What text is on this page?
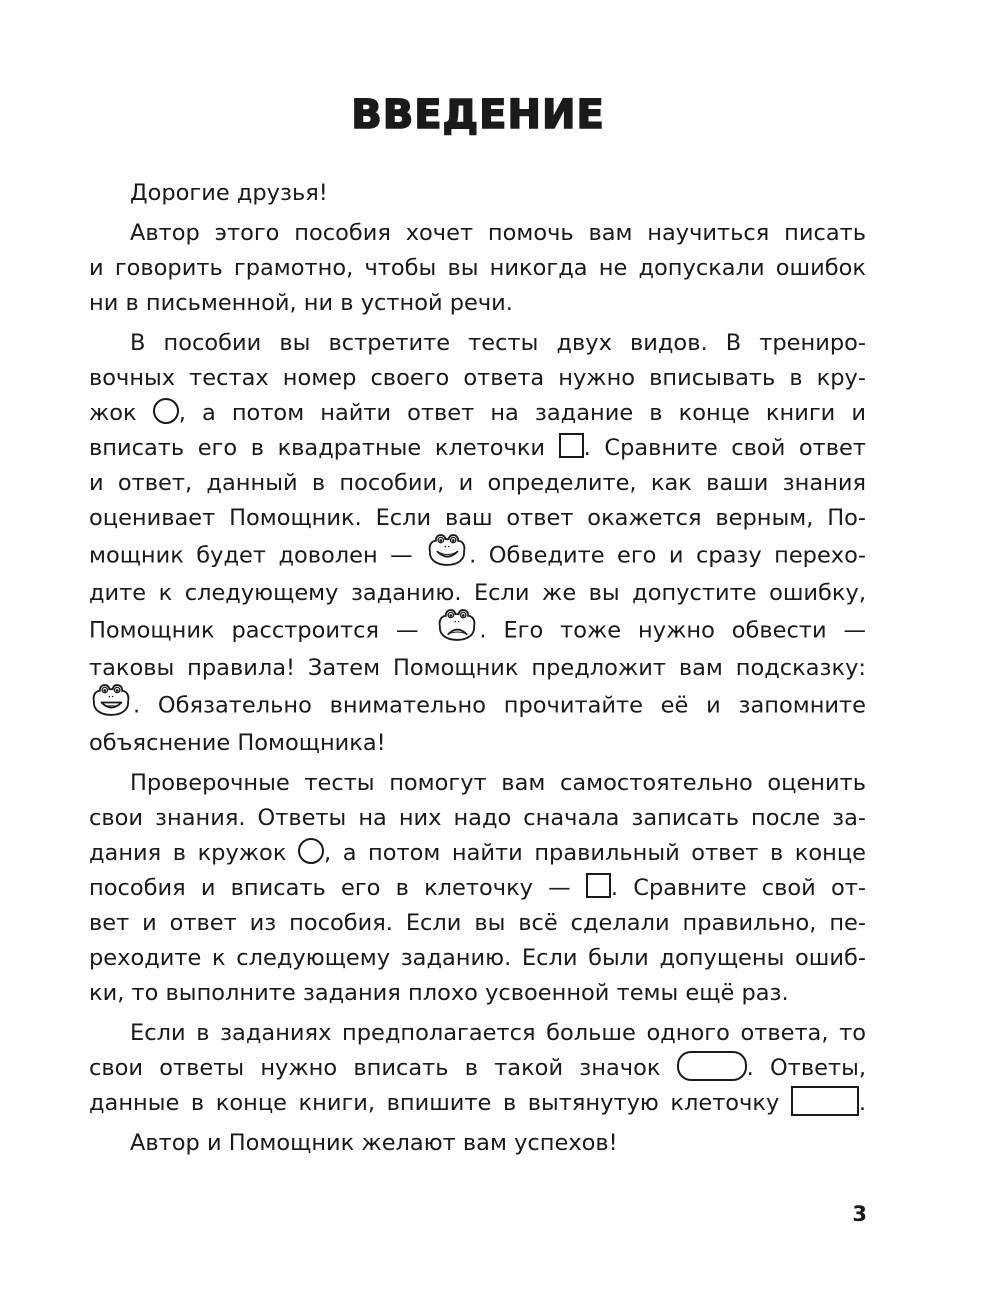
ВВЕДЕНИЕ

Дорогие друзья!

Автор этого пособия хочет помочь вам научиться писать
и говорить грамотно, чтобы вы никогда не допускали ошибок
ни в письменной, ни в устной речи.

В пособии вы встретите тесты двух видов. В трениро-
вочных тестах номер своего ответа нужно вписывать в кру-
жок , а потом найти ответ на задание в конце книги и
вписать его в квадратные клеточки . Сравните свой ответ
и ответ, данный в пособии, и определите, как ваши знания
оценивает Помощник. Если ваш ответ окажется верным, По-
мощник будет доволен —	. Обведите его и сразу перехо-
дите к следующему заданию. Если же вы допустите ошибку,
Помощник расстроится —	. Его тоже нужно обвести —
таковы правила! Затем Помощник предложит вам подсказку:
. Обязательно внимательно прочитайте её и запомните
объяснение Помощника!

Проверочные тесты помогут вам самостоятельно оценить
свои знания. Ответы на них надо сначала записать после за-
дания в кружок , а потом найти правильный ответ в конце
пособия и вписать его в клеточку — . Сравните свой от-
вет и ответ из пособия. Если вы всё сделали правильно, пе-
реходите к следующему заданию. Если были допущены ошиб-
ки, то выполните задания плохо усвоенной темы ещё раз.

Если в заданиях предполагается больше одного ответа, то
свои ответы нужно вписать в такой значок	. Ответы,
данные в конце книги, впишите в вытянутую клеточку	.

Автор и Помощник желают вам успехов!

3
